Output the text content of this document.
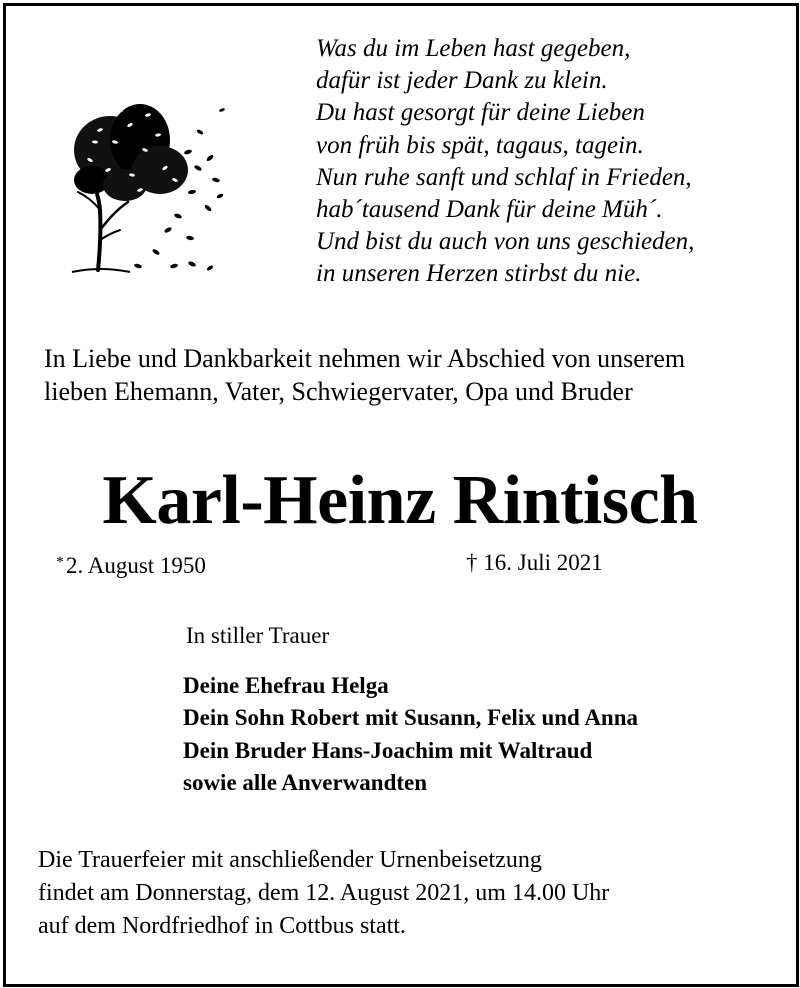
Was du im Leben hast gegeben,
dafür ist jeder Dank zu klein.
Du hast gesorgt für deine Lieben
von früh bis spät, tagaus, tagein.
Nun ruhe sanft und schlaf in Frieden,
hab´tausend Dank für deine Müh´.
Und bist du auch von uns geschieden,
in unseren Herzen stirbst du nie.
In Liebe und Dankbarkeit nehmen wir Abschied von unserem
lieben Ehemann, Vater, Schwiegervater, Opa und Bruder
Karl-Heinz Rintisch
*2. August 1950	† 16. Juli 2021
In stiller Trauer
Deine Ehefrau Helga
Dein Sohn Robert mit Susann, Felix und Anna
Dein Bruder Hans-Joachim mit Waltraud
sowie alle Anverwandten
Die Trauerfeier mit anschließender Urnenbeisetzung
findet am Donnerstag, dem 12. August 2021, um 14.00 Uhr
auf dem Nordfriedhof in Cottbus statt.
